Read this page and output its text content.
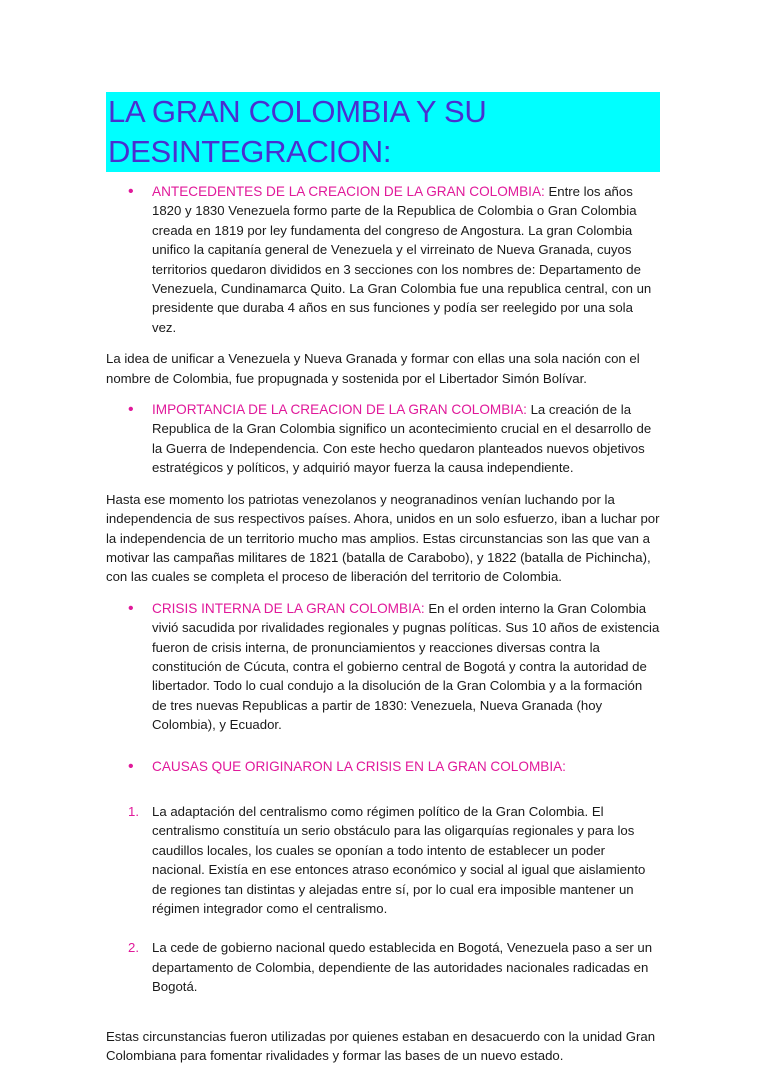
LA GRAN COLOMBIA Y SU DESINTEGRACION:
• ANTECEDENTES DE LA CREACION DE LA GRAN COLOMBIA: Entre los años 1820 y 1830 Venezuela formo parte de la Republica de Colombia o Gran Colombia creada en 1819 por ley fundamenta del congreso de Angostura. La gran Colombia unifico la capitanía general de Venezuela y el virreinato de Nueva Granada, cuyos territorios quedaron divididos en 3 secciones con los nombres de: Departamento de Venezuela, Cundinamarca Quito. La Gran Colombia fue una republica central, con un presidente que duraba 4 años en sus funciones y podía ser reelegido por una sola vez.

La idea de unificar a Venezuela y Nueva Granada y formar con ellas una sola nación con el nombre de Colombia, fue propugnada y sostenida por el Libertador Simón Bolívar.

• IMPORTANCIA DE LA CREACION DE LA GRAN COLOMBIA: La creación de la Republica de la Gran Colombia significo un acontecimiento crucial en el desarrollo de la Guerra de Independencia. Con este hecho quedaron planteados nuevos objetivos estratégicos y políticos, y adquirió mayor fuerza la causa independiente.

Hasta ese momento los patriotas venezolanos y neogranadinos venían luchando por la independencia de sus respectivos países. Ahora, unidos en un solo esfuerzo, iban a luchar por la independencia de un territorio mucho mas amplios. Estas circunstancias son las que van a motivar las campañas militares de 1821 (batalla de Carabobo), y 1822 (batalla de Pichincha), con las cuales se completa el proceso de liberación del territorio de Colombia.

• CRISIS INTERNA DE LA GRAN COLOMBIA: En el orden interno la Gran Colombia vivió sacudida por rivalidades regionales y pugnas políticas. Sus 10 años de existencia fueron de crisis interna, de pronunciamientos y reacciones diversas contra la constitución de Cúcuta, contra el gobierno central de Bogotá y contra la autoridad de libertador. Todo lo cual condujo a la disolución de la Gran Colombia y a la formación de tres nuevas Republicas a partir de 1830: Venezuela, Nueva Granada (hoy Colombia), y Ecuador.

• CAUSAS QUE ORIGINARON LA CRISIS EN LA GRAN COLOMBIA:

1. La adaptación del centralismo como régimen político de la Gran Colombia. El centralismo constituía un serio obstáculo para las oligarquías regionales y para los caudillos locales, los cuales se oponían a todo intento de establecer un poder nacional. Existía en ese entonces atraso económico y social al igual que aislamiento de regiones tan distintas y alejadas entre sí, por lo cual era imposible mantener un régimen integrador como el centralismo.

2. La cede de gobierno nacional quedo establecida en Bogotá, Venezuela paso a ser un departamento de Colombia, dependiente de las autoridades nacionales radicadas en Bogotá.

Estas circunstancias fueron utilizadas por quienes estaban en desacuerdo con la unidad Gran Colombiana para fomentar rivalidades y formar las bases de un nuevo estado.
